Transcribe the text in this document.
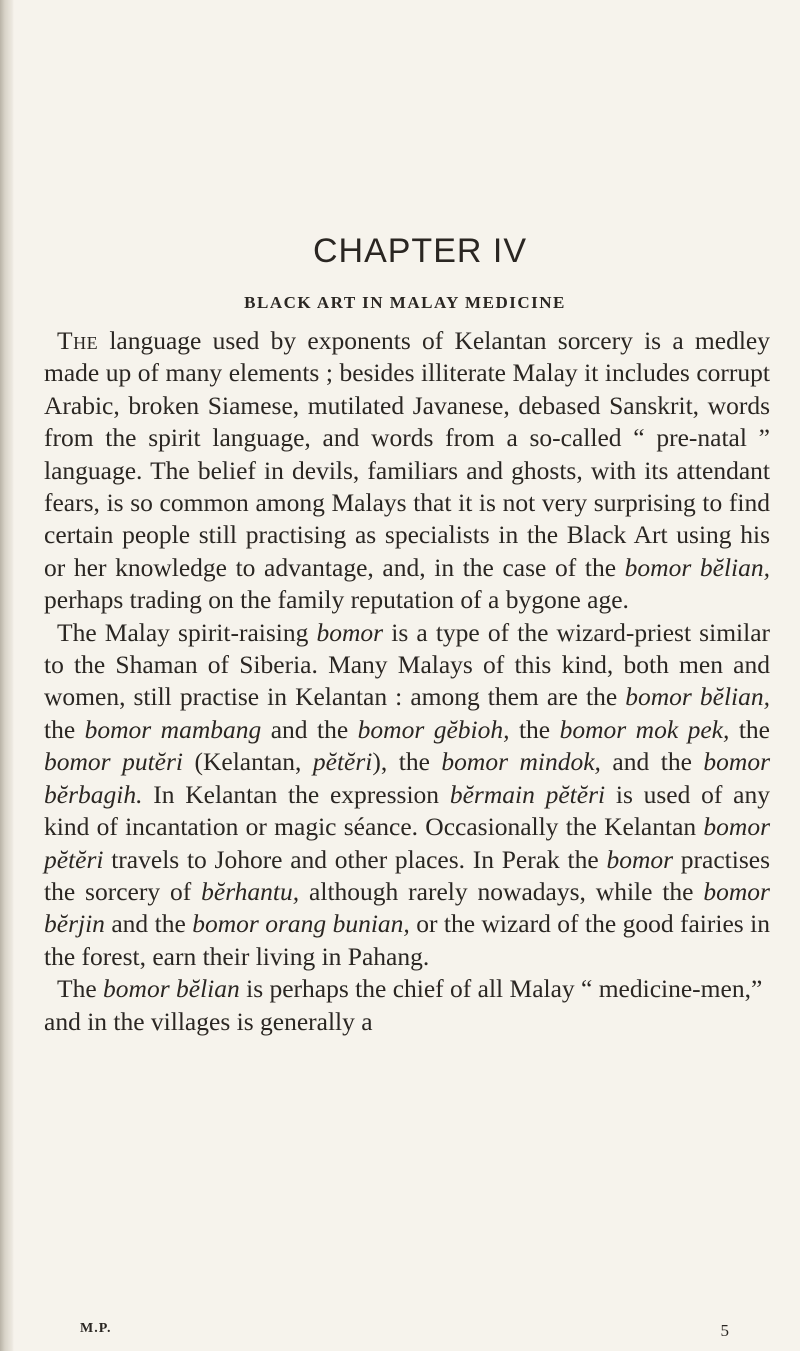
CHAPTER IV
BLACK ART IN MALAY MEDICINE

The language used by exponents of Kelantan sorcery is a medley made up of many elements ; besides illiterate Malay it includes corrupt Arabic, broken Siamese, mutilated Javanese, debased Sanskrit, words from the spirit language, and words from a so-called “ pre-natal ” language. The belief in devils, familiars and ghosts, with its attendant fears, is so common among Malays that it is not very surprising to find certain people still practising as specialists in the Black Art using his or her knowledge to advantage, and, in the case of the bomor bĕlian, perhaps trading on the family reputation of a bygone age.

The Malay spirit-raising bomor is a type of the wizard-priest similar to the Shaman of Siberia. Many Malays of this kind, both men and women, still practise in Kelantan : among them are the bomor bĕlian, the bomor mambang and the bomor gĕbioh, the bomor mok pek, the bomor putĕri (Kelantan, pĕtĕri), the bomor mindok, and the bomor bĕrbagih. In Kelantan the expression bĕrmain pĕtĕri is used of any kind of incantation or magic séance. Occasionally the Kelantan bomor pĕtĕri travels to Johore and other places. In Perak the bomor practises the sorcery of bĕrhantu, although rarely nowadays, while the bomor bĕrjin and the bomor orang bunian, or the wizard of the good fairies in the forest, earn their living in Pahang.

The bomor bĕlian is perhaps the chief of all Malay “ medicine-men,” and in the villages is generally a

M.P.	5
